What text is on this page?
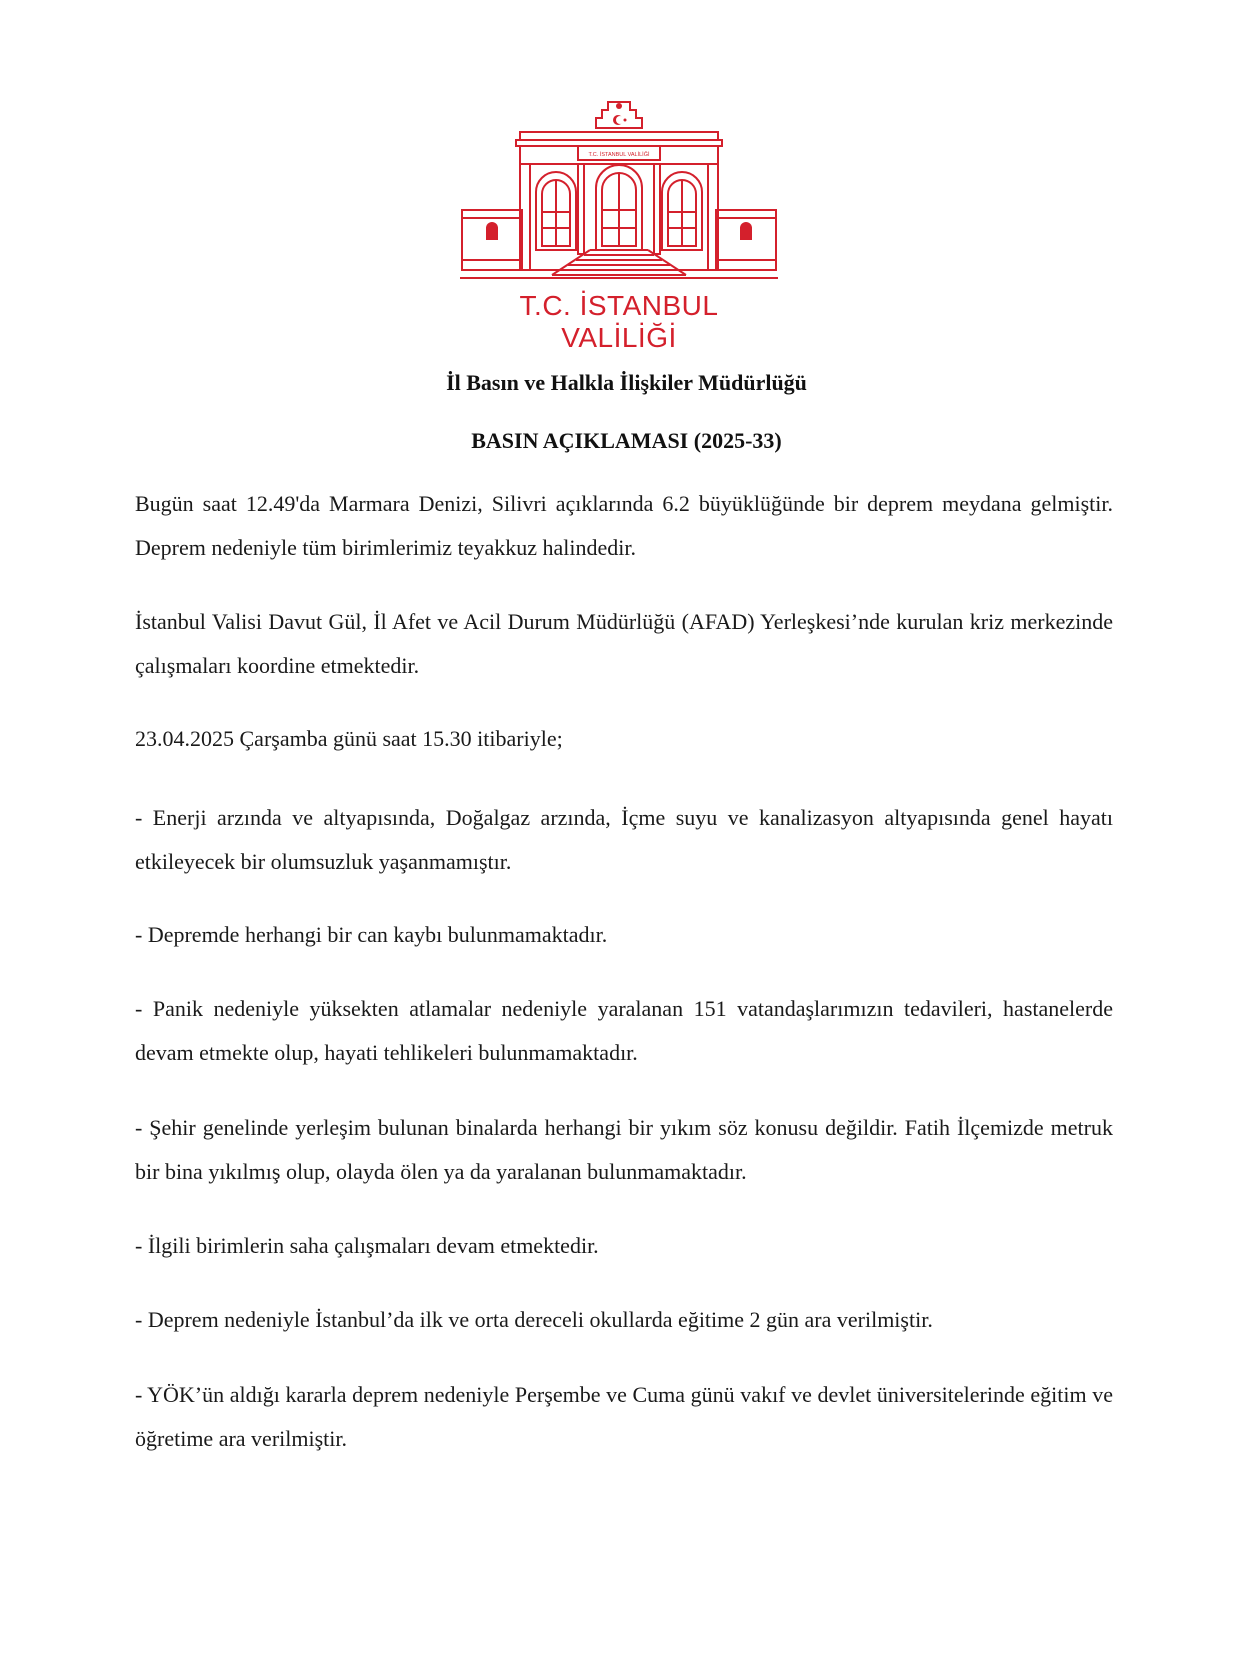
T.C. İSTANBUL VALİLİĞİ
T.C. İSTANBUL VALİLİĞİ
İl Basın ve Halkla İlişkiler Müdürlüğü
BASIN AÇIKLAMASI (2025-33)
Bugün saat 12.49'da Marmara Denizi, Silivri açıklarında 6.2 büyüklüğünde bir deprem meydana gelmiştir. Deprem nedeniyle tüm birimlerimiz teyakkuz halindedir.
İstanbul Valisi Davut Gül, İl Afet ve Acil Durum Müdürlüğü (AFAD) Yerleşkesi’nde kurulan kriz merkezinde çalışmaları koordine etmektedir.
23.04.2025 Çarşamba günü saat 15.30 itibariyle;
- Enerji arzında ve altyapısında, Doğalgaz arzında, İçme suyu ve kanalizasyon altyapısında genel hayatı etkileyecek bir olumsuzluk yaşanmamıştır.
- Depremde herhangi bir can kaybı bulunmamaktadır.
- Panik nedeniyle yüksekten atlamalar nedeniyle yaralanan 151 vatandaşlarımızın tedavileri, hastanelerde devam etmekte olup, hayati tehlikeleri bulunmamaktadır.
- Şehir genelinde yerleşim bulunan binalarda herhangi bir yıkım söz konusu değildir. Fatih İlçemizde metruk bir bina yıkılmış olup, olayda ölen ya da yaralanan bulunmamaktadır.
- İlgili birimlerin saha çalışmaları devam etmektedir.
- Deprem nedeniyle İstanbul’da ilk ve orta dereceli okullarda eğitime 2 gün ara verilmiştir.
- YÖK’ün aldığı kararla deprem nedeniyle Perşembe ve Cuma günü vakıf ve devlet üniversitelerinde eğitim ve öğretime ara verilmiştir.
